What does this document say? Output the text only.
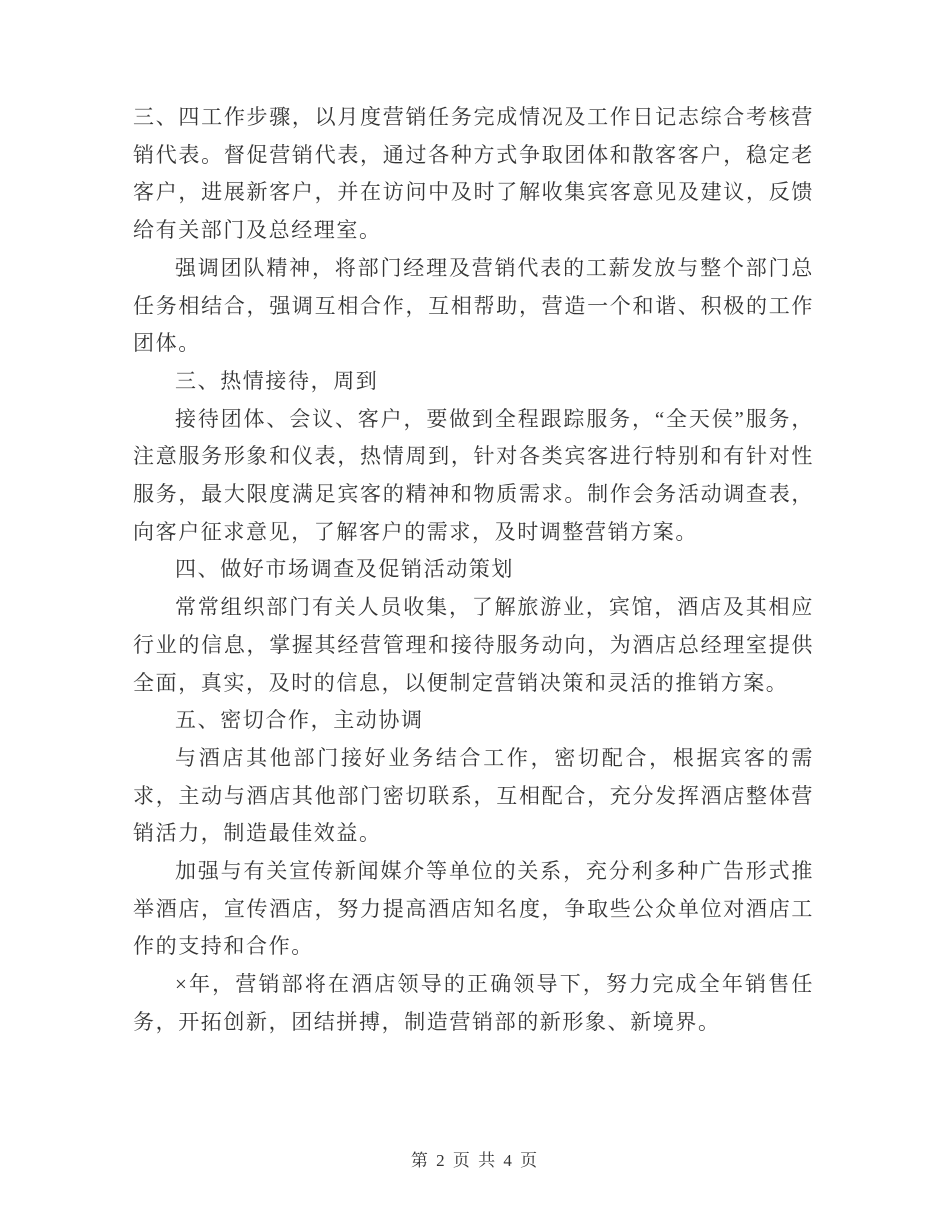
三、四工作步骤，以月度营销任务完成情况及工作日记志综合考核营销代表。督促营销代表，通过各种方式争取团体和散客客户，稳定老客户，进展新客户，并在访问中及时了解收集宾客意见及建议，反馈给有关部门及总经理室。

强调团队精神，将部门经理及营销代表的工薪发放与整个部门总任务相结合，强调互相合作，互相帮助，营造一个和谐、积极的工作团体。

三、热情接待，周到

接待团体、会议、客户，要做到全程跟踪服务，“全天侯”服务，注意服务形象和仪表，热情周到，针对各类宾客进行特别和有针对性服务，最大限度满足宾客的精神和物质需求。制作会务活动调查表，向客户征求意见，了解客户的需求，及时调整营销方案。

四、做好市场调查及促销活动策划

常常组织部门有关人员收集，了解旅游业，宾馆，酒店及其相应行业的信息，掌握其经营管理和接待服务动向，为酒店总经理室提供全面，真实，及时的信息，以便制定营销决策和灵活的推销方案。

五、密切合作，主动协调

与酒店其他部门接好业务结合工作，密切配合，根据宾客的需求，主动与酒店其他部门密切联系，互相配合，充分发挥酒店整体营销活力，制造最佳效益。

加强与有关宣传新闻媒介等单位的关系，充分利多种广告形式推举酒店，宣传酒店，努力提高酒店知名度，争取些公众单位对酒店工作的支持和合作。

×年，营销部将在酒店领导的正确领导下，努力完成全年销售任务，开拓创新，团结拼搏，制造营销部的新形象、新境界。

第 2 页 共 4 页
